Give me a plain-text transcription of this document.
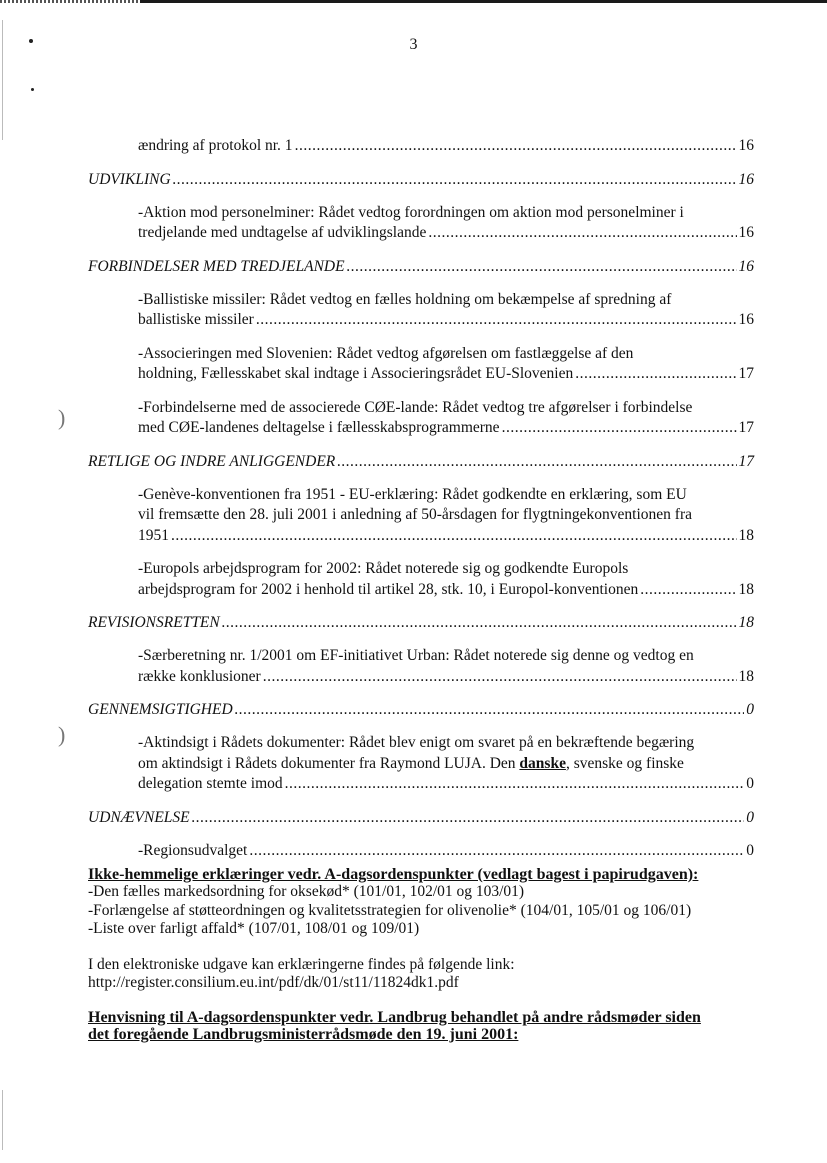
)
)
3
ændring af protokol nr. 1 .....	16
UDVIKLING .....	16
-Aktion mod personelminer: Rådet vedtog forordningen om aktion mod personelminer i
tredjelande med undtagelse af udviklingslande .....	16
FORBINDELSER MED TREDJELANDE .....	16
-Ballistiske missiler: Rådet vedtog en fælles holdning om bekæmpelse af spredning af
ballistiske missiler .....	16
-Associeringen med Slovenien: Rådet vedtog afgørelsen om fastlæggelse af den
holdning, Fællesskabet skal indtage i Associeringsrådet EU-Slovenien .....	17
-Forbindelserne med de associerede CØE-lande: Rådet vedtog tre afgørelser i forbindelse
med CØE-landenes deltagelse i fællesskabsprogrammerne .....	17
RETLIGE OG INDRE ANLIGGENDER .....	17
-Genève-konventionen fra 1951 - EU-erklæring: Rådet godkendte en erklæring, som EU
vil fremsætte den 28. juli 2001 i anledning af 50-årsdagen for flygtningekonventionen fra
1951 .....	18
-Europols arbejdsprogram for 2002: Rådet noterede sig og godkendte Europols
arbejdsprogram for 2002 i henhold til artikel 28, stk. 10, i Europol-konventionen .....	18
REVISIONSRETTEN .....	18
-Særberetning nr. 1/2001 om EF-initiativet Urban: Rådet noterede sig denne og vedtog en
række konklusioner .....	18
GENNEMSIGTIGHED .....	0
-Aktindsigt i Rådets dokumenter: Rådet blev enigt om svaret på en bekræftende begæring
om aktindsigt i Rådets dokumenter fra Raymond LUJA. Den danske, svenske og finske
delegation stemte imod .....	0
UDNÆVNELSE .....	0
-Regionsudvalget .....	0
Ikke-hemmelige erklæringer vedr. A-dagsordenspunkter (vedlagt bagest i papirudgaven):
-Den fælles markedsordning for oksekød* (101/01, 102/01 og 103/01)
-Forlængelse af støtteordningen og kvalitetsstrategien for olivenolie* (104/01, 105/01 og 106/01)
-Liste over farligt affald* (107/01, 108/01 og 109/01)
I den elektroniske udgave kan erklæringerne findes på følgende link:
http://register.consilium.eu.int/pdf/dk/01/st11/11824dk1.pdf
Henvisning til A-dagsordenspunkter vedr. Landbrug behandlet på andre rådsmøder siden
det foregående Landbrugsministerrådsmøde den 19. juni 2001:
